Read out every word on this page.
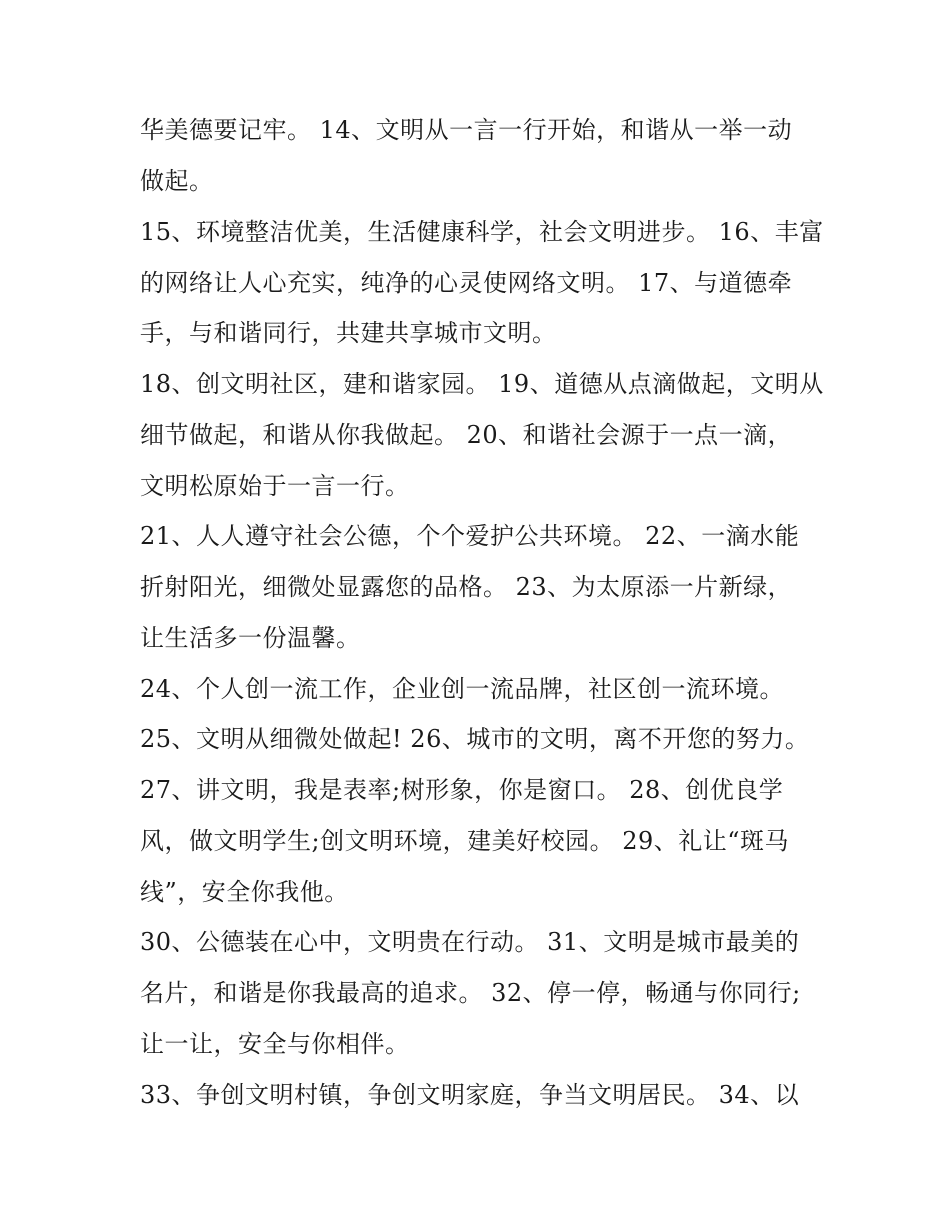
华美德要记牢。 14、文明从一言一行开始，和谐从一举一动
做起。
15、环境整洁优美，生活健康科学，社会文明进步。 16、丰富
的网络让人心充实，纯净的心灵使网络文明。 17、与道德牵
手，与和谐同行，共建共享城市文明。
18、创文明社区，建和谐家园。 19、道德从点滴做起，文明从
细节做起，和谐从你我做起。 20、和谐社会源于一点一滴，
文明松原始于一言一行。
21、人人遵守社会公德，个个爱护公共环境。 22、一滴水能
折射阳光，细微处显露您的品格。 23、为太原添一片新绿，
让生活多一份温馨。
24、个人创一流工作，企业创一流品牌，社区创一流环境。
25、文明从细微处做起! 26、城市的文明，离不开您的努力。
27、讲文明，我是表率;树形象，你是窗口。 28、创优良学
风，做文明学生;创文明环境，建美好校园。 29、礼让“斑马
线”，安全你我他。
30、公德装在心中，文明贵在行动。 31、文明是城市最美的
名片，和谐是你我最高的追求。 32、停一停，畅通与你同行;
让一让，安全与你相伴。
33、争创文明村镇，争创文明家庭，争当文明居民。 34、以
